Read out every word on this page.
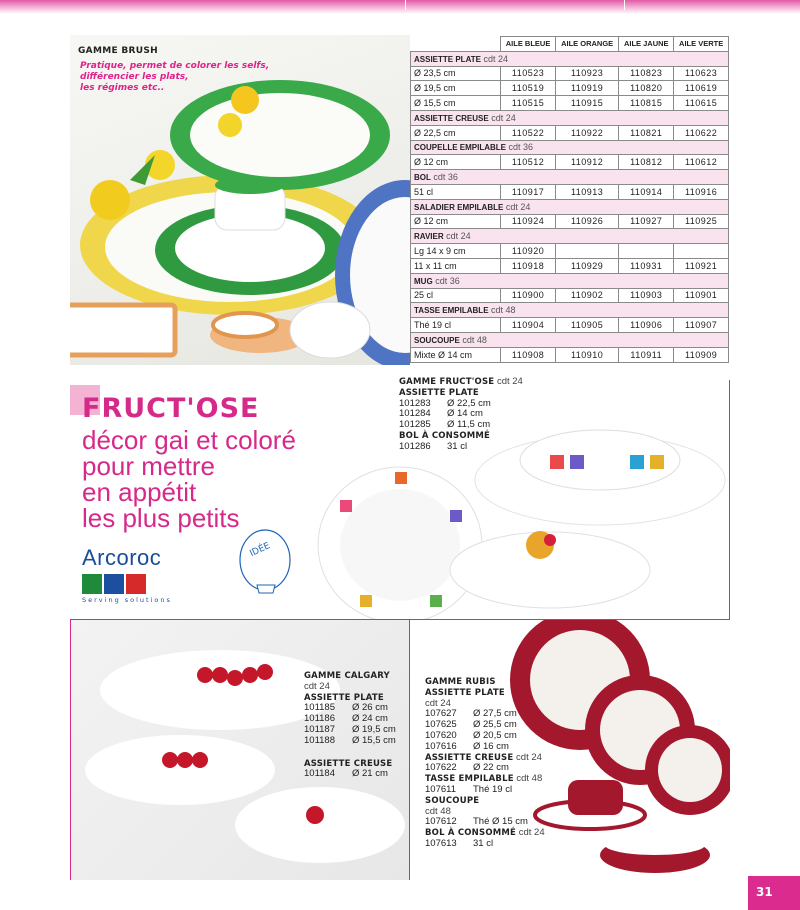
GAMME BRUSH
Pratique, permet de colorer les selfs,
différencier les plats,
les régimes etc..
	AILE BLEUE	AILE ORANGE	AILE JAUNE	AILE VERTE
ASSIETTE PLATE cdt 24				
Ø 23,5 cm	110523	110923	110823	110623
Ø 19,5 cm	110519	110919	110820	110619
Ø 15,5 cm	110515	110915	110815	110615
ASSIETTE CREUSE cdt 24				
Ø 22,5 cm	110522	110922	110821	110622
COUPELLE EMPILABLE cdt 36				
Ø 12 cm	110512	110912	110812	110612
BOL cdt 36				
51 cl	110917	110913	110914	110916
SALADIER EMPILABLE cdt 24				
Ø 12 cm	110924	110926	110927	110925
RAVIER cdt 24				
Lg 14 x 9 cm	110920			
11 x 11 cm	110918	110929	110931	110921
MUG cdt 36				
25 cl	110900	110902	110903	110901
TASSE EMPILABLE cdt 48				
Thé 19 cl	110904	110905	110906	110907
SOUCOUPE cdt 48				
Mixte Ø 14 cm	110908	110910	110911	110909
FRUCT'OSE
décor gai et coloré
pour mettre
en appétit
les plus petits
Arcoroc
Serving solutions
IDÉE
GAMME FRUCT'OSE cdt 24
ASSIETTE PLATE
101283	Ø 22,5 cm
101284	Ø 14 cm
101285	Ø 11,5 cm
BOL À CONSOMMÉ
101286	31 cl
GAMME CALGARY
cdt 24
ASSIETTE PLATE
101185	Ø 26 cm
101186	Ø 24 cm
101187	Ø 19,5 cm
101188	Ø 15,5 cm
ASSIETTE CREUSE
101184	Ø 21 cm
GAMME RUBIS
ASSIETTE PLATE
cdt 24
107627	Ø 27,5 cm
107625	Ø 25,5 cm
107620	Ø 20,5 cm
107616	Ø 16 cm
ASSIETTE CREUSE cdt 24
107622	Ø 22 cm
TASSE EMPILABLE cdt 48
107611	Thé 19 cl
SOUCOUPE
cdt 48
107612	Thé Ø 15 cm
BOL À CONSOMMÉ cdt 24
107613	31 cl
31
